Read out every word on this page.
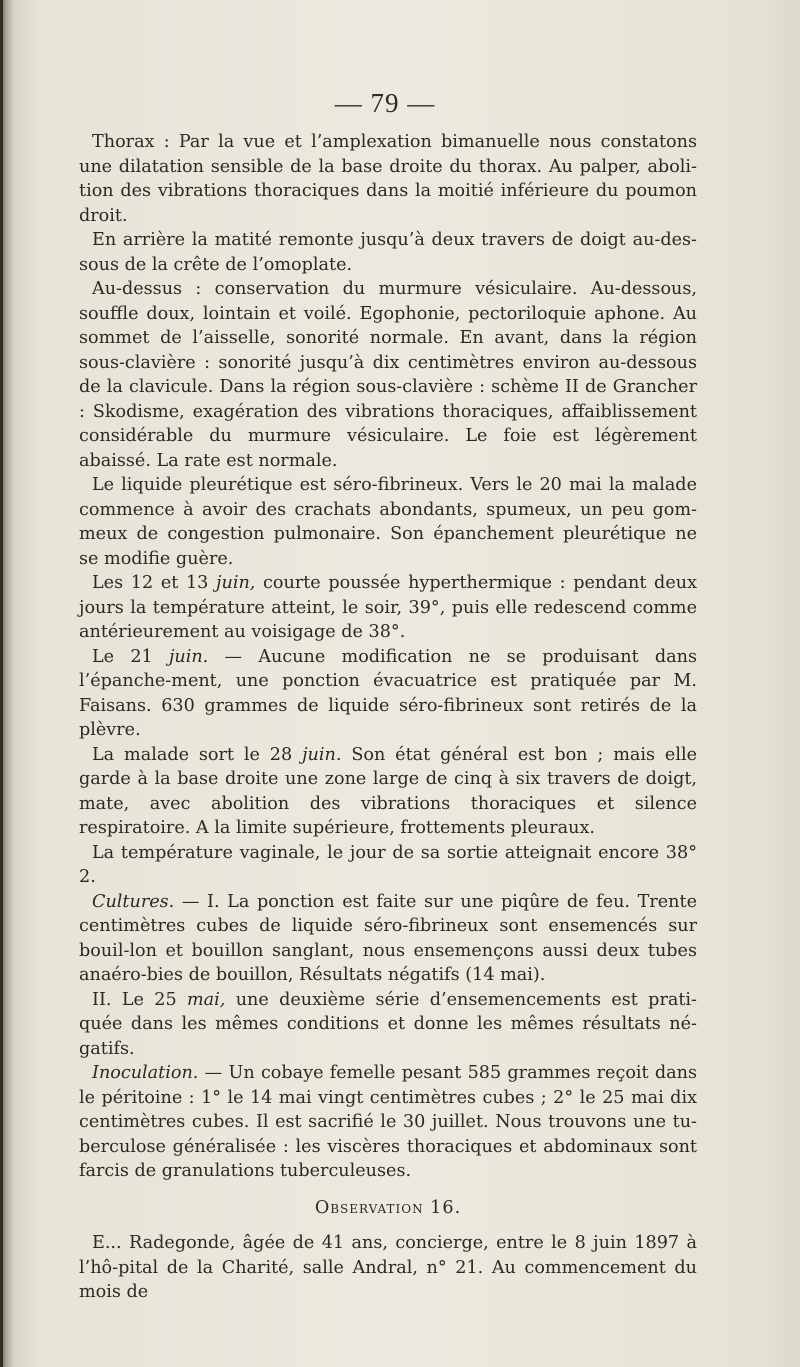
— 79 —

Thorax : Par la vue et l’amplexation bimanuelle nous constatons une dilatation sensible de la base droite du thorax. Au palper, aboli-tion des vibrations thoraciques dans la moitié inférieure du poumon droit.

En arrière la matité remonte jusqu’à deux travers de doigt au-des-sous de la crête de l’omoplate.

Au-dessus : conservation du murmure vésiculaire. Au-dessous, souffle doux, lointain et voilé. Egophonie, pectoriloquie aphone. Au sommet de l’aisselle, sonorité normale. En avant, dans la région sous-clavière : sonorité jusqu’à dix centimètres environ au-dessous de la clavicule. Dans la région sous-clavière : schème II de Grancher : Skodisme, exagération des vibrations thoraciques, affaiblissement considérable du murmure vésiculaire. Le foie est légèrement abaissé. La rate est normale.

Le liquide pleurétique est séro-fibrineux. Vers le 20 mai la malade commence à avoir des crachats abondants, spumeux, un peu gom-meux de congestion pulmonaire. Son épanchement pleurétique ne se modifie guère.

Les 12 et 13 juin, courte poussée hyperthermique : pendant deux jours la température atteint, le soir, 39°, puis elle redescend comme antérieurement au voisigage de 38°.

Le 21 juin. — Aucune modification ne se produisant dans l’épanche-ment, une ponction évacuatrice est pratiquée par M. Faisans. 630 grammes de liquide séro-fibrineux sont retirés de la plèvre.

La malade sort le 28 juin. Son état général est bon ; mais elle garde à la base droite une zone large de cinq à six travers de doigt, mate, avec abolition des vibrations thoraciques et silence respiratoire. A la limite supérieure, frottements pleuraux.

La température vaginale, le jour de sa sortie atteignait encore 38° 2.

Cultures. — I. La ponction est faite sur une piqûre de feu. Trente centimètres cubes de liquide séro-fibrineux sont ensemencés sur bouil-lon et bouillon sanglant, nous ensemençons aussi deux tubes anaéro-bies de bouillon, Résultats négatifs (14 mai).

II. Le 25 mai, une deuxième série d’ensemencements est prati-quée dans les mêmes conditions et donne les mêmes résultats né-gatifs.

Inoculation. — Un cobaye femelle pesant 585 grammes reçoit dans le péritoine : 1° le 14 mai vingt centimètres cubes ; 2° le 25 mai dix centimètres cubes. Il est sacrifié le 30 juillet. Nous trouvons une tu-berculose généralisée : les viscères thoraciques et abdominaux sont farcis de granulations tuberculeuses.

Observation 16.

E... Radegonde, âgée de 41 ans, concierge, entre le 8 juin 1897 à l’hô-pital de la Charité, salle Andral, n° 21. Au commencement du mois de
